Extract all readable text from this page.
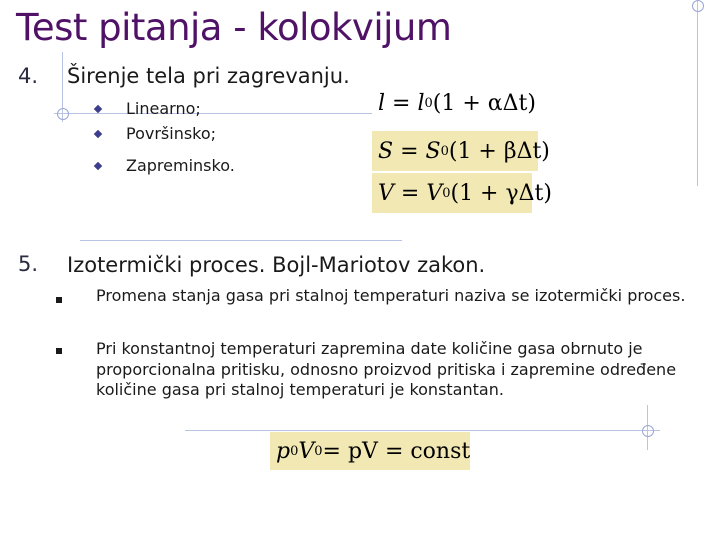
Test pitanja - kolokvijum
4. Širenje tela pri zagrevanju.
Linearno;
Površinsko;
Zapreminsko.
l = l 0 (1 + αΔt)
S = S 0 (1 + βΔt)
V = V 0 (1 + γΔt)
5. Izotermički proces. Bojl-Mariotov zakon.
Promena stanja gasa pri stalnoj temperaturi naziva se izotermički proces.
Pri konstantnoj temperaturi zapremina date količine gasa obrnuto je proporcionalna pritisku, odnosno proizvod pritiska i zapremine određene količine gasa pri stalnoj temperaturi je konstantan.
p 0 V 0 = pV = const
